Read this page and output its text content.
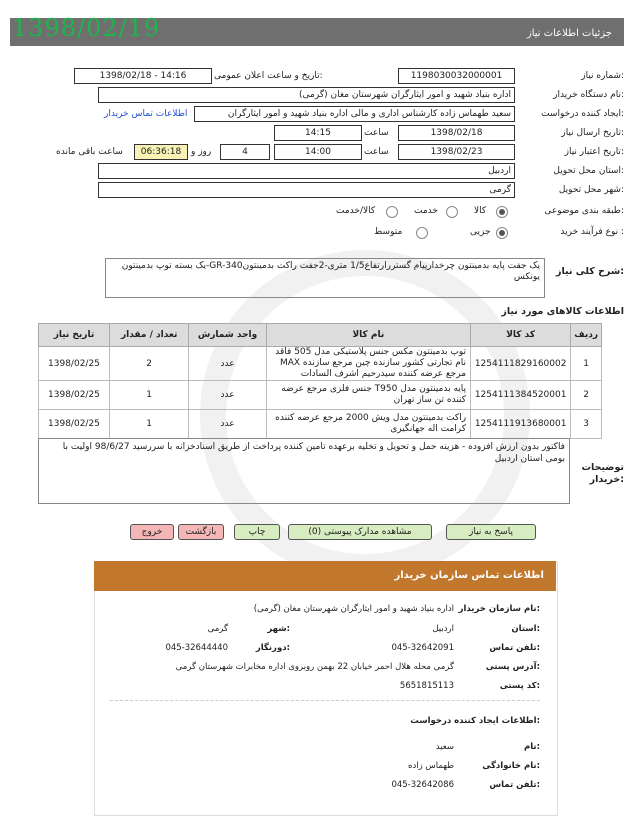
جزئیات اطلاعات نیاز
1398/02/19
شماره نیاز:
1198030032000001
تاریخ و ساعت اعلان عمومی:
1398/02/18 - 14:16
نام دستگاه خریدار:
اداره بنیاد شهید و امور ایثارگران شهرستان مغان (گرمی)
ایجاد کننده درخواست:
سعید طهماس زاده کارشناس اداری و مالی اداره بنیاد شهید و امور ایثارگران
اطلاعات تماس خریدار
تاریخ ارسال نیاز:
1398/02/18
ساعت
14:15
تاریخ اعتبار نیاز:
1398/02/23
ساعت
14:00
4
روز و
06:36:18
ساعت باقی مانده
استان محل تحویل:
اردبیل
شهر محل تحویل:
گرمی
طبقه بندی موضوعی:
کالا
خدمت
کالا/خدمت
نوع فرآیند خرید :
جزیی
متوسط
شرح کلی نیاز:
یک جفت پایه بدمینتون چرخدارپیام گستررارتفاع1/5 متری-2جفت راکت بدمینتونGR-340-یک بسته توپ بدمینتون یونکس
اطلاعات کالاهای مورد نیاز
تاریخ نیاز	تعداد / مقدار	واحد شمارش	نام کالا	کد کالا	ردیف
1398/02/25	2	عدد	توپ بدمینتون مکس جنس پلاستیکی مدل 505 فاقد نام تجارتی کشور سازنده چین مرجع سازنده MAX مرجع عرضه کننده سیدرحیم اشرف السادات	1254111829160002	1
1398/02/25	1	عدد	پایه بدمینتون مدل T950 جنس فلزی مرجع عرضه کننده تن ساز تهران	1254111384520001	2
1398/02/25	1	عدد	راکت بدمینتون مدل ویش 2000 مرجع عرضه کننده کرامت اله جهانگیری	1254111913680001	3
توضیحات خریدار:
فاکتور بدون ارزش افزوده - هزینه حمل و تحویل و تخلیه برعهده تامین کننده پرداخت از طریق اسنادخزانه با سررسید 98/6/27 اولیت با بومی استان اردبیل
پاسخ به نیاز
مشاهده مدارک پیوستی (0)
چاپ
بازگشت
خروج
اطلاعات تماس سازمان خریدار
نام سازمان خریدار:
اداره بنیاد شهید و امور ایثارگران شهرستان مغان (گرمی)
استان:
اردبیل
شهر:
گرمی
تلفن تماس:
045-32642091
دورنگار:
045-32644440
آدرس پستی:
گرمی محله هلال احمر خیابان 22 بهمن روبروی اداره مخابرات شهرستان گرمی
کد پستی:
5651815113
اطلاعات ایجاد کننده درخواست:
نام:
سعید
نام خانوادگی:
طهماس زاده
تلفن تماس:
045-32642086
